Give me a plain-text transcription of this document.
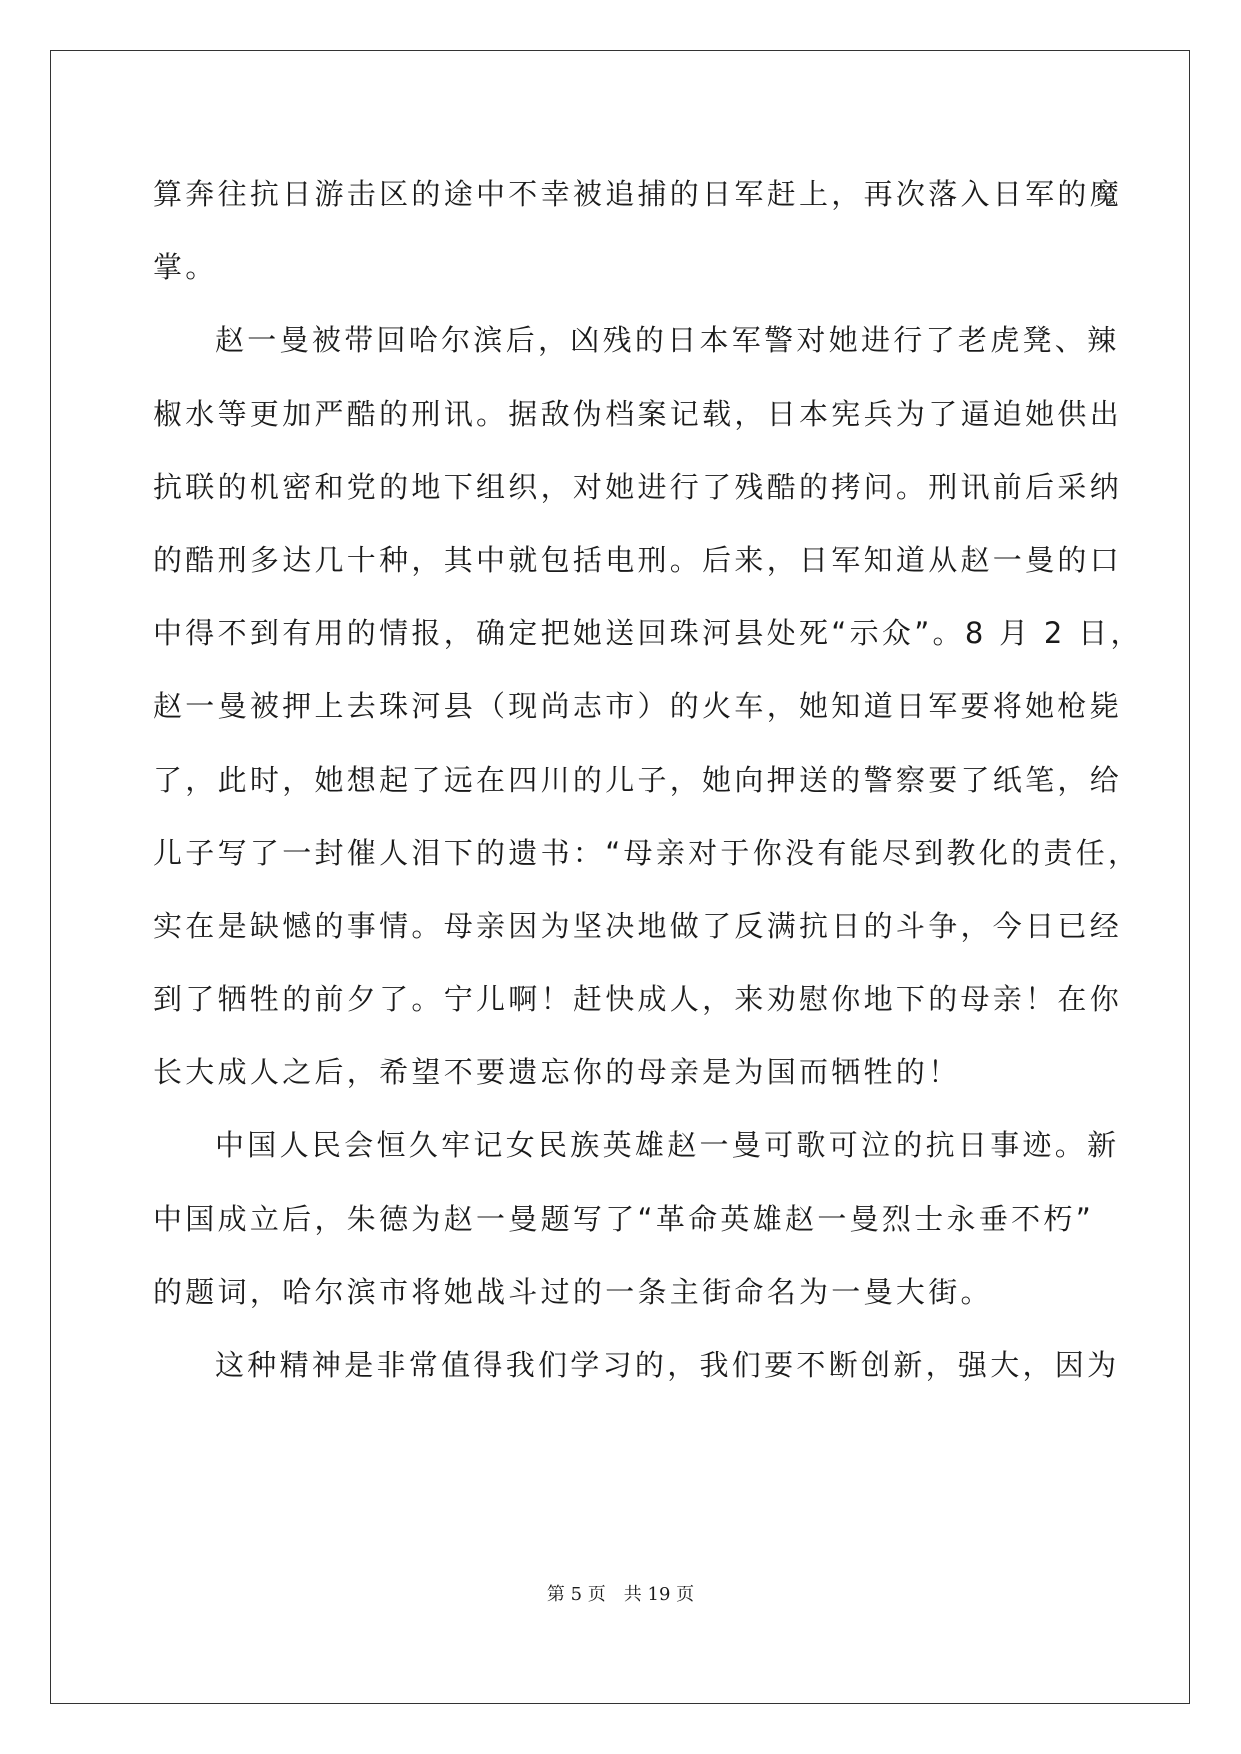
算奔往抗日游击区的途中不幸被追捕的日军赶上，再次落入日军的魔
掌。
赵一曼被带回哈尔滨后，凶残的日本军警对她进行了老虎凳、辣
椒水等更加严酷的刑讯。据敌伪档案记载，日本宪兵为了逼迫她供出
抗联的机密和党的地下组织，对她进行了残酷的拷问。刑讯前后采纳
的酷刑多达几十种，其中就包括电刑。后来，日军知道从赵一曼的口
中得不到有用的情报，确定把她送回珠河县处死“示众”。8 月 2 日，
赵一曼被押上去珠河县（现尚志市）的火车，她知道日军要将她枪毙
了，此时，她想起了远在四川的儿子，她向押送的警察要了纸笔，给
儿子写了一封催人泪下的遗书：“母亲对于你没有能尽到教化的责任，
实在是缺憾的事情。母亲因为坚决地做了反满抗日的斗争，今日已经
到了牺牲的前夕了。宁儿啊！赶快成人，来劝慰你地下的母亲！在你
长大成人之后，希望不要遗忘你的母亲是为国而牺牲的！
中国人民会恒久牢记女民族英雄赵一曼可歌可泣的抗日事迹。新
中国成立后，朱德为赵一曼题写了“革命英雄赵一曼烈士永垂不朽”
的题词，哈尔滨市将她战斗过的一条主街命名为一曼大街。
这种精神是非常值得我们学习的，我们要不断创新，强大，因为
第 5 页 共 19 页
